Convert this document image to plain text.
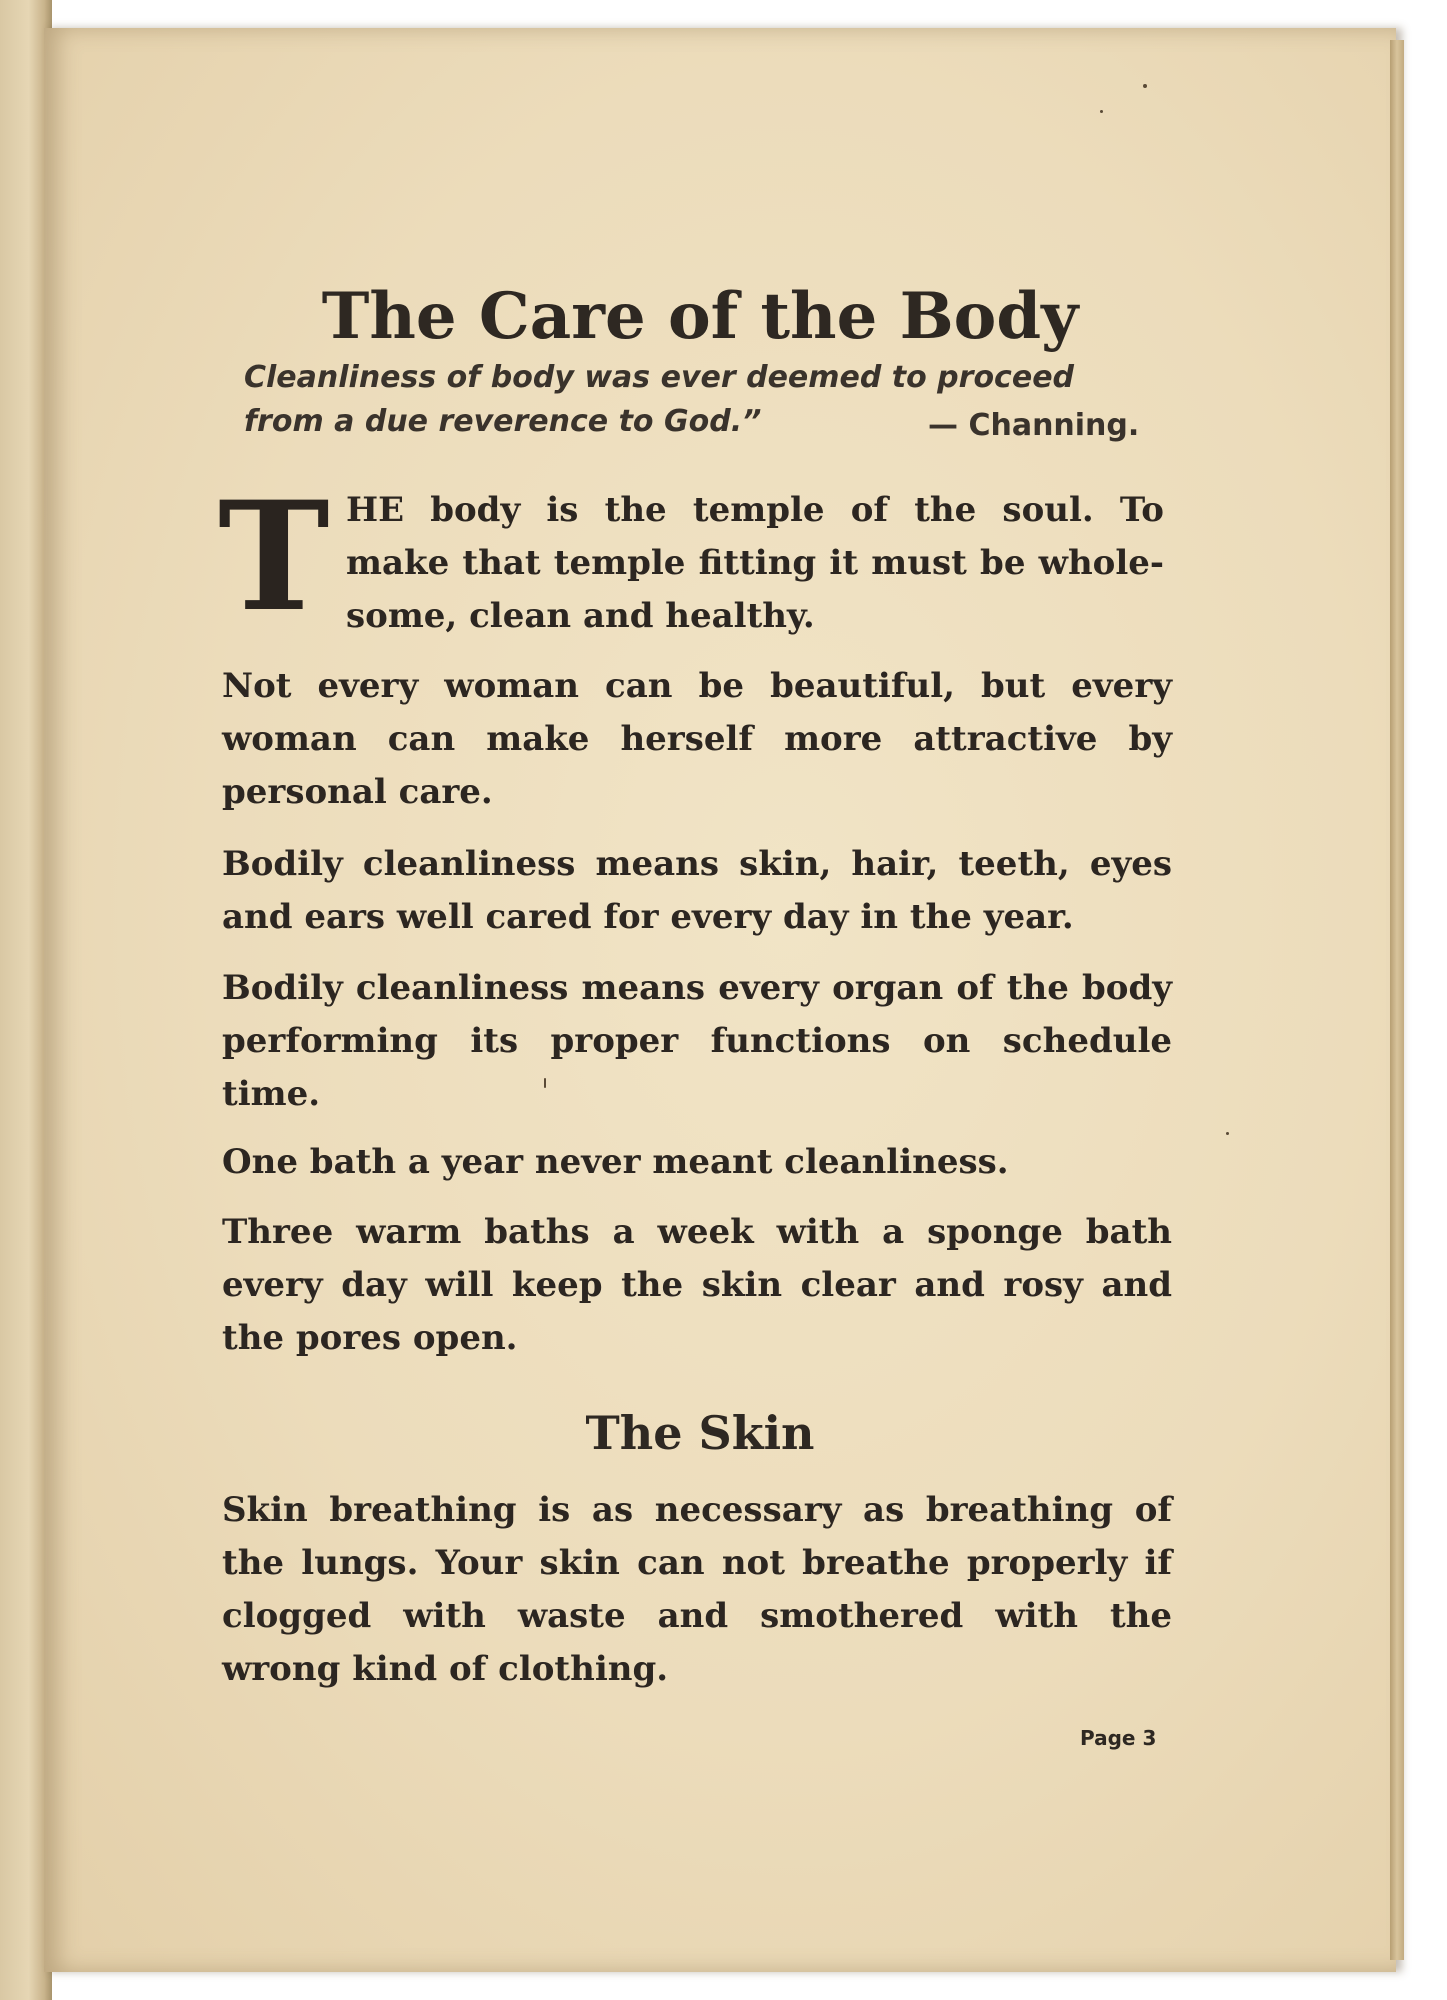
The Care of the Body
Cleanliness of body was ever deemed to proceed
from a due reverence to God.”	— Channing.
T HE body is the temple of the soul. To make that temple fitting it must be whole-some, clean and healthy.

Not every woman can be beautiful, but every woman can make herself more attractive by personal care.

Bodily cleanliness means skin, hair, teeth, eyes and ears well cared for every day in the year.

Bodily cleanliness means every organ of the body performing its proper functions on schedule time.

One bath a year never meant cleanliness.

Three warm baths a week with a sponge bath every day will keep the skin clear and rosy and the pores open.

The Skin

Skin breathing is as necessary as breathing of the lungs. Your skin can not breathe properly if clogged with waste and smothered with the wrong kind of clothing.

Page 3
